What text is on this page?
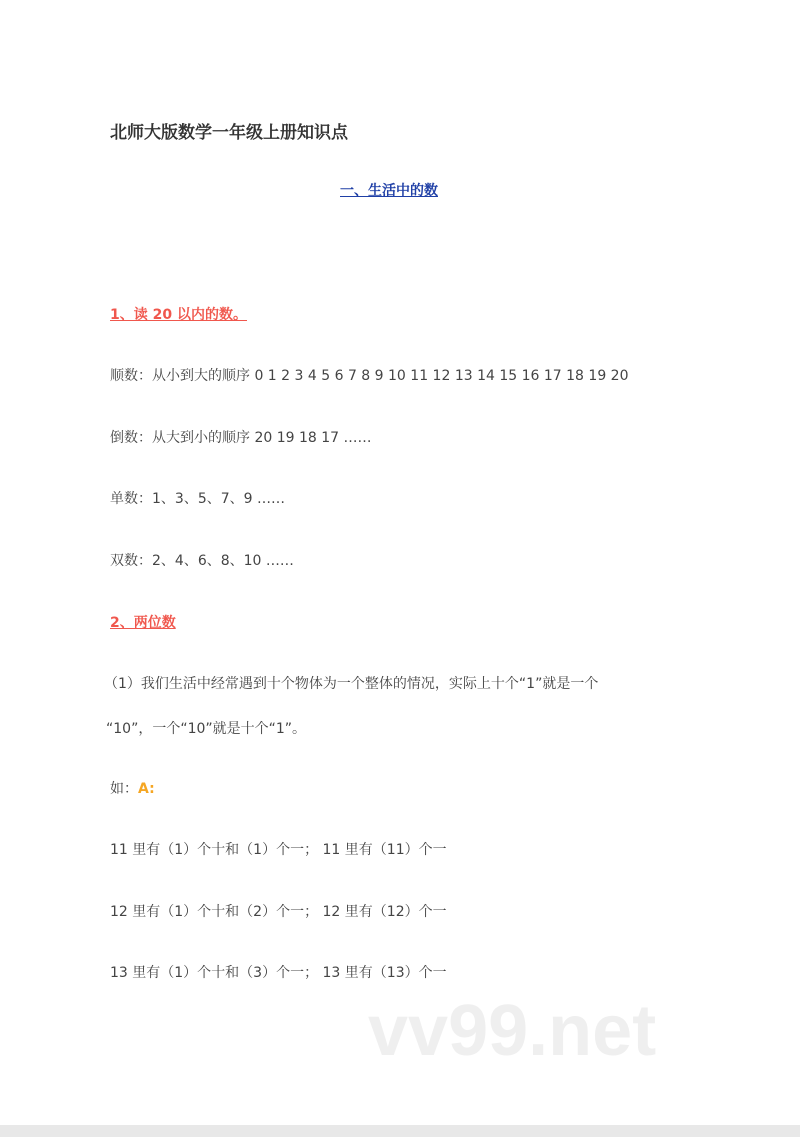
北师大版数学一年级上册知识点
一、生活中的数
1、读 20 以内的数。
顺数：从小到大的顺序 0 1 2 3 4 5 6 7 8 9 10 11 12 13 14 15 16 17 18 19 20
倒数：从大到小的顺序 20 19 18 17 ……
单数：1、3、5、7、9 ……
双数：2、4、6、8、10 ……
2、两位数
（1）我们生活中经常遇到十个物体为一个整体的情况，实际上十个“1”就是一个
“10”，一个“10”就是十个“1”。
如：A:
11 里有（1）个十和（1）个一； 11 里有（11）个一
12 里有（1）个十和（2）个一； 12 里有（12）个一
13 里有（1）个十和（3）个一； 13 里有（13）个一
vv99.net
